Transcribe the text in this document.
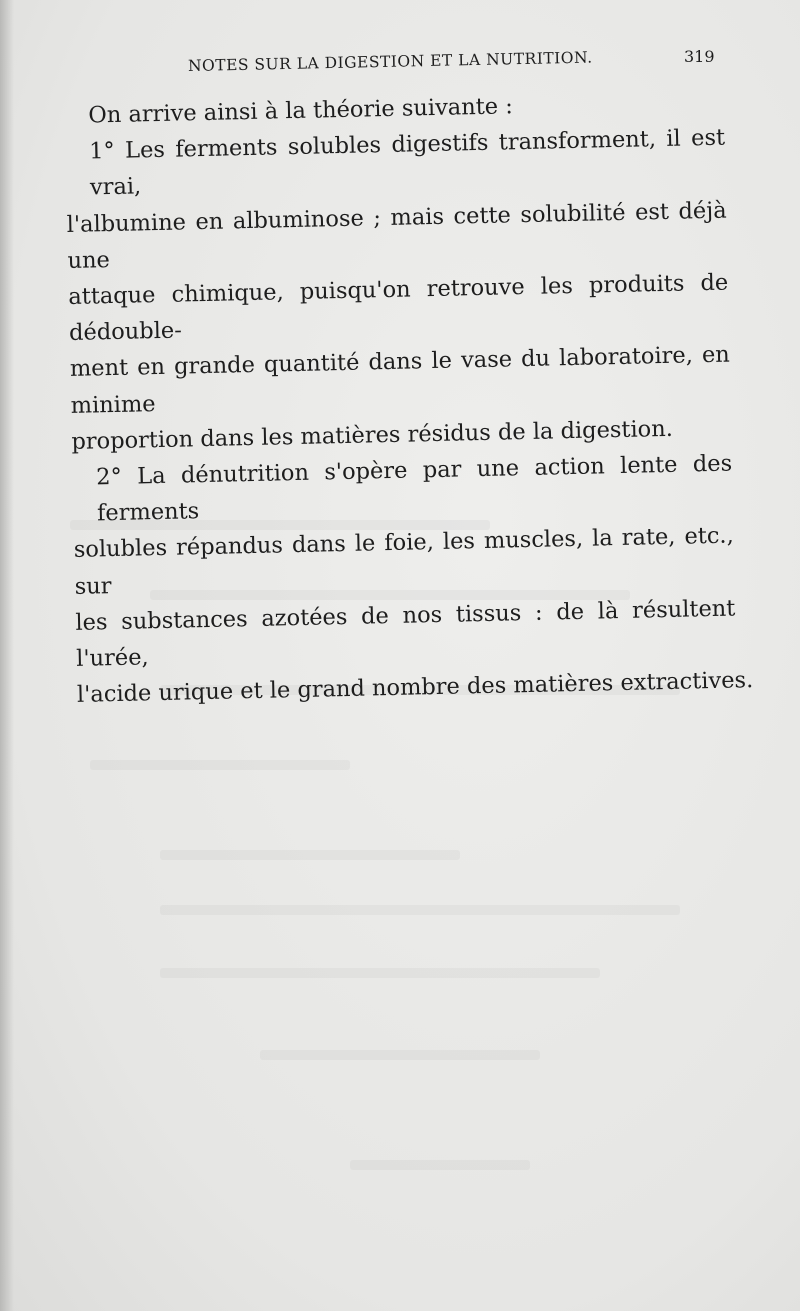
NOTES SUR LA DIGESTION ET LA NUTRITION.	319
On arrive ainsi à la théorie suivante :
1° Les ferments solubles digestifs transforment, il est vrai,
l'albumine en albuminose ; mais cette solubilité est déjà une
attaque chimique, puisqu'on retrouve les produits de dédouble-
ment en grande quantité dans le vase du laboratoire, en minime
proportion dans les matières résidus de la digestion.
2° La dénutrition s'opère par une action lente des ferments
solubles répandus dans le foie, les muscles, la rate, etc., sur
les substances azotées de nos tissus : de là résultent l'urée,
l'acide urique et le grand nombre des matières extractives.
